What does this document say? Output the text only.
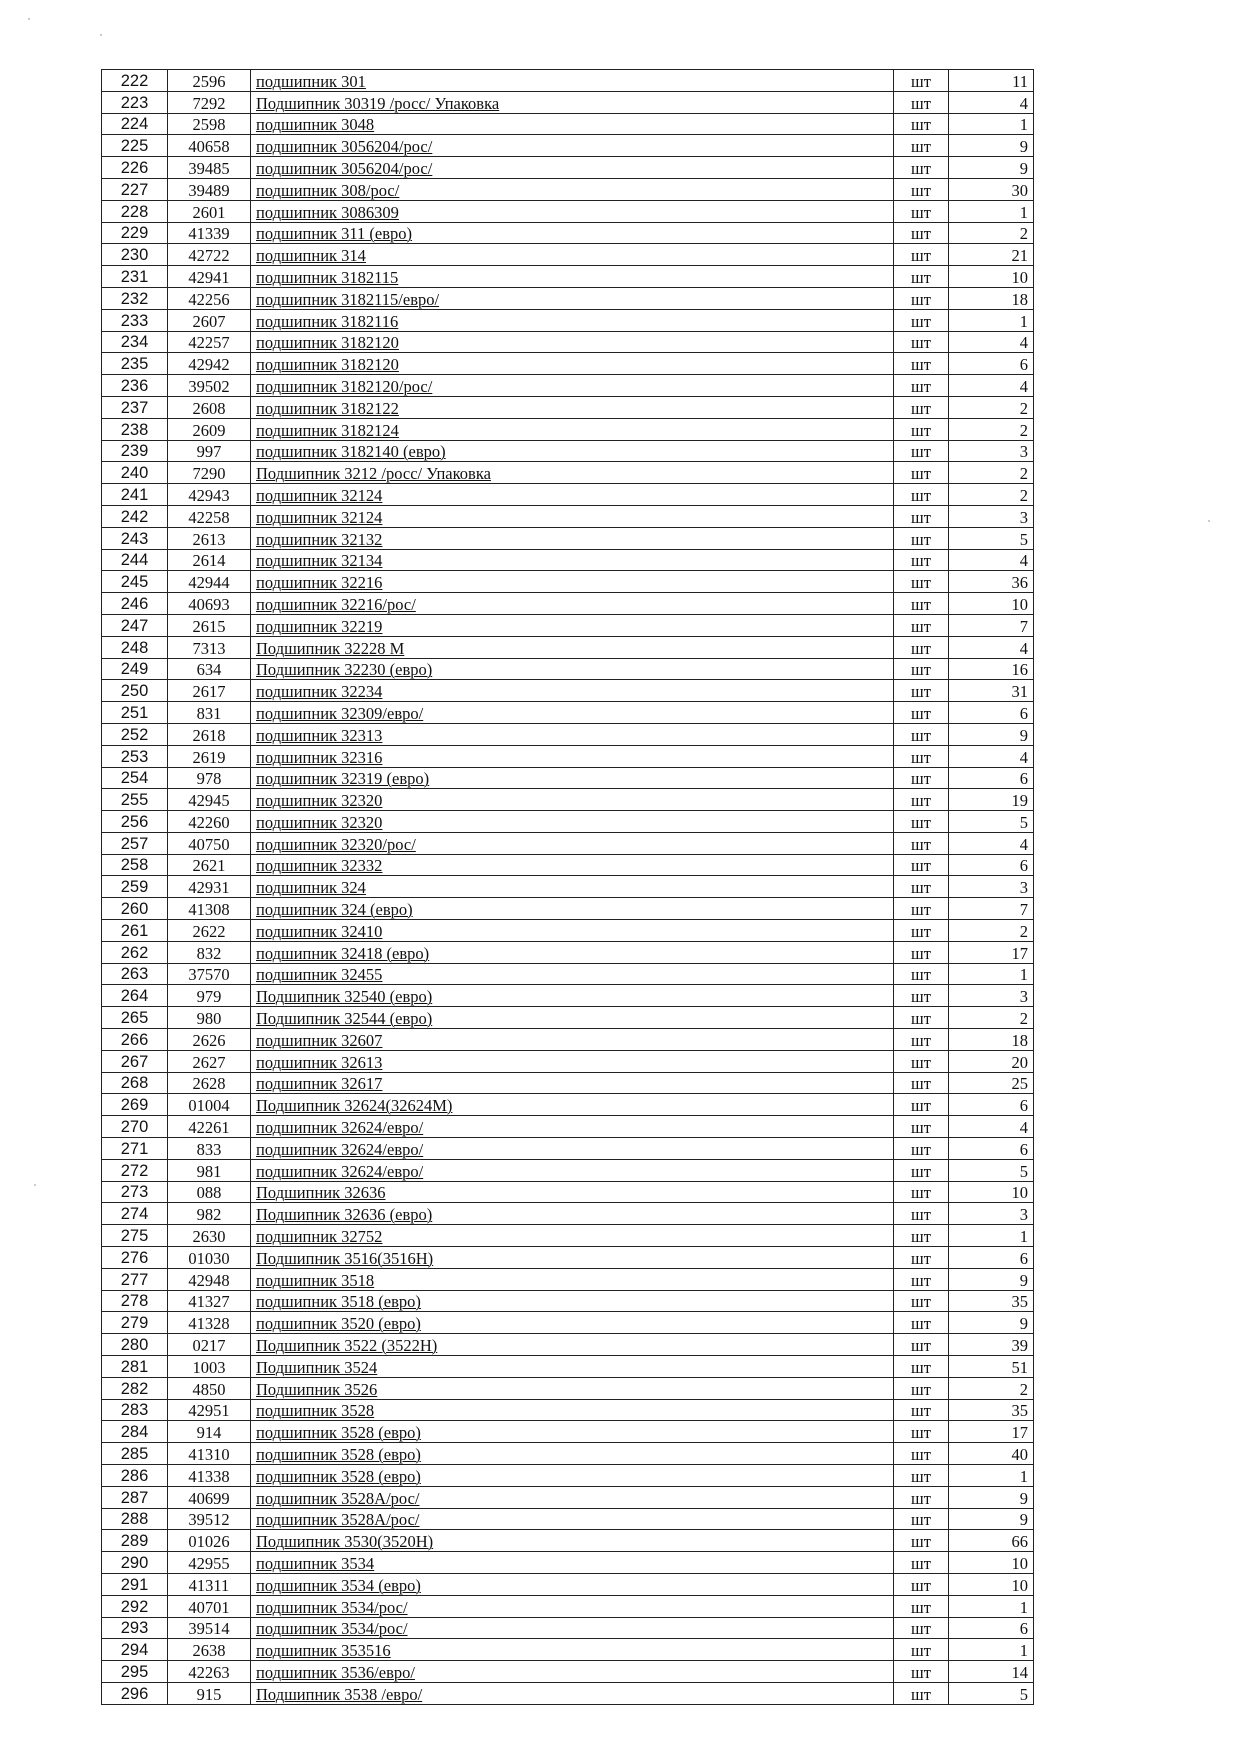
222	2596	подшипник 301	шт	11
223	7292	Подшипник 30319 /росс/ Упаковка	шт	4
224	2598	подшипник 3048	шт	1
225	40658	подшипник 3056204/рос/	шт	9
226	39485	подшипник 3056204/рос/	шт	9
227	39489	подшипник 308/рос/	шт	30
228	2601	подшипник 3086309	шт	1
229	41339	подшипник 311 (евро)	шт	2
230	42722	подшипник 314	шт	21
231	42941	подшипник 3182115	шт	10
232	42256	подшипник 3182115/евро/	шт	18
233	2607	подшипник 3182116	шт	1
234	42257	подшипник 3182120	шт	4
235	42942	подшипник 3182120	шт	6
236	39502	подшипник 3182120/рос/	шт	4
237	2608	подшипник 3182122	шт	2
238	2609	подшипник 3182124	шт	2
239	997	подшипник 3182140 (евро)	шт	3
240	7290	Подшипник 3212 /росс/ Упаковка	шт	2
241	42943	подшипник 32124	шт	2
242	42258	подшипник 32124	шт	3
243	2613	подшипник 32132	шт	5
244	2614	подшипник 32134	шт	4
245	42944	подшипник 32216	шт	36
246	40693	подшипник 32216/рос/	шт	10
247	2615	подшипник 32219	шт	7
248	7313	Подшипник 32228 М	шт	4
249	634	Подшипник 32230 (евро)	шт	16
250	2617	подшипник 32234	шт	31
251	831	подшипник 32309/евро/	шт	6
252	2618	подшипник 32313	шт	9
253	2619	подшипник 32316	шт	4
254	978	подшипник 32319 (евро)	шт	6
255	42945	подшипник 32320	шт	19
256	42260	подшипник 32320	шт	5
257	40750	подшипник 32320/рос/	шт	4
258	2621	подшипник 32332	шт	6
259	42931	подшипник 324	шт	3
260	41308	подшипник 324 (евро)	шт	7
261	2622	подшипник 32410	шт	2
262	832	подшипник 32418 (евро)	шт	17
263	37570	подшипник 32455	шт	1
264	979	Подшипник 32540 (евро)	шт	3
265	980	Подшипник 32544 (евро)	шт	2
266	2626	подшипник 32607	шт	18
267	2627	подшипник 32613	шт	20
268	2628	подшипник 32617	шт	25
269	01004	Подшипник 32624(32624М)	шт	6
270	42261	подшипник 32624/евро/	шт	4
271	833	подшипник 32624/евро/	шт	6
272	981	подшипник 32624/евро/	шт	5
273	088	Подшипник 32636	шт	10
274	982	Подшипник 32636 (евро)	шт	3
275	2630	подшипник 32752	шт	1
276	01030	Подшипник 3516(3516Н)	шт	6
277	42948	подшипник 3518	шт	9
278	41327	подшипник 3518 (евро)	шт	35
279	41328	подшипник 3520 (евро)	шт	9
280	0217	Подшипник 3522 (3522Н)	шт	39
281	1003	Подшипник 3524	шт	51
282	4850	Подшипник 3526	шт	2
283	42951	подшипник 3528	шт	35
284	914	подшипник 3528 (евро)	шт	17
285	41310	подшипник 3528 (евро)	шт	40
286	41338	подшипник 3528 (евро)	шт	1
287	40699	подшипник 3528А/рос/	шт	9
288	39512	подшипник 3528А/рос/	шт	9
289	01026	Подшипник 3530(3520Н)	шт	66
290	42955	подшипник 3534	шт	10
291	41311	подшипник 3534 (евро)	шт	10
292	40701	подшипник 3534/рос/	шт	1
293	39514	подшипник 3534/рос/	шт	6
294	2638	подшипник 353516	шт	1
295	42263	подшипник 3536/евро/	шт	14
296	915	Подшипник 3538 /евро/	шт	5
